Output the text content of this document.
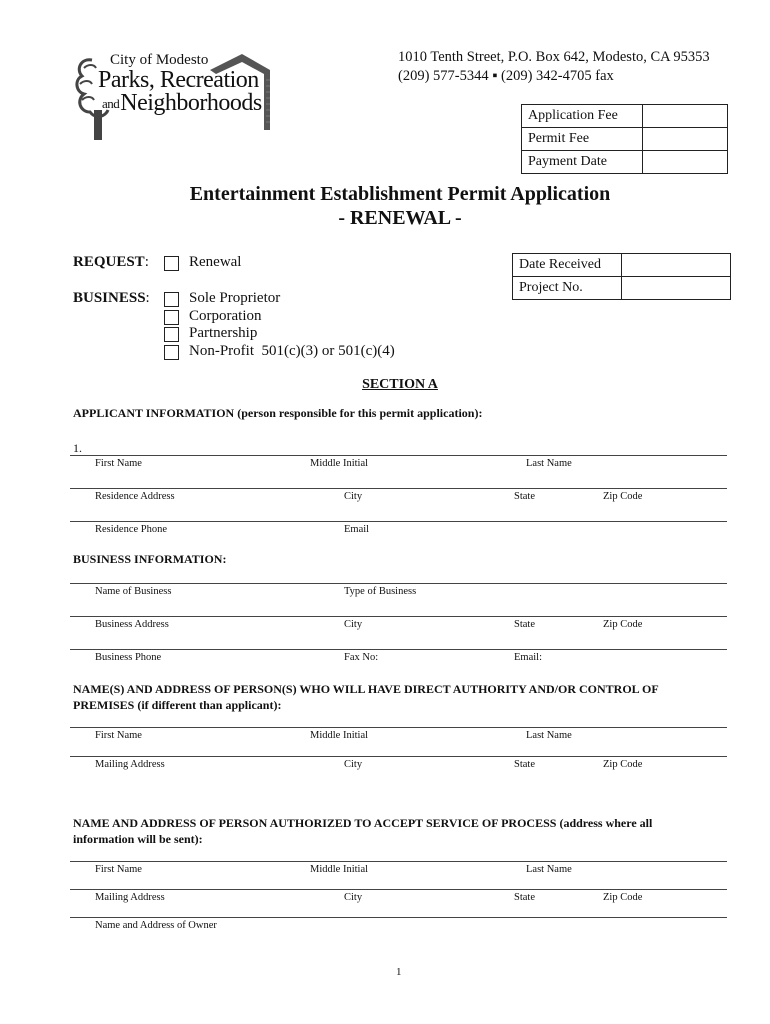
City of Modesto
Parks, Recreation
andNeighborhoods
1010 Tenth Street, P.O. Box 642, Modesto, CA 95353
(209) 577-5344 ▪ (209) 342-4705 fax
Application Fee	
Permit Fee	
Payment Date	
Entertainment Establishment Permit Application
- RENEWAL -
REQUEST:	Renewal
BUSINESS:	Sole Proprietor
Corporation
Partnership
Non-Profit  501(c)(3) or 501(c)(4)
Date Received	
Project No.	
SECTION A
APPLICANT INFORMATION (person responsible for this permit application):
1.
First Name	Middle Initial	Last Name
Residence Address	City	State	Zip Code
Residence Phone	Email
BUSINESS INFORMATION:
Name of Business	Type of Business
Business Address	City	State	Zip Code
Business Phone	Fax No:	Email:
NAME(S) AND ADDRESS OF PERSON(S) WHO WILL HAVE DIRECT AUTHORITY AND/OR CONTROL OF
PREMISES (if different than applicant):
First Name	Middle Initial	Last Name
Mailing Address	City	State	Zip Code
NAME AND ADDRESS OF PERSON AUTHORIZED TO ACCEPT SERVICE OF PROCESS (address where all
information will be sent):
First Name	Middle Initial	Last Name
Mailing Address	City	State	Zip Code
Name and Address of Owner
1
